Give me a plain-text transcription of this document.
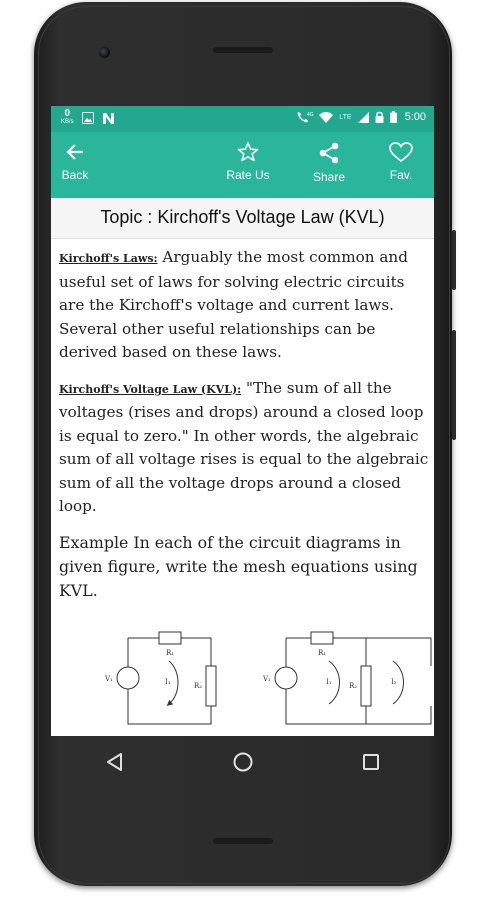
0
KB/s
4G	LTE	5:00
Back	Rate Us	Share	Fav.
Topic : Kirchoff's Voltage Law (KVL)

Kirchoff's Laws: Arguably the most common and useful set of laws for solving electric circuits are the Kirchoff's voltage and current laws. Several other useful relationships can be derived based on these laws.

Kirchoff's Voltage Law (KVL): "The sum of all the voltages (rises and drops) around a closed loop is equal to zero." In other words, the algebraic sum of all voltage rises is equal to the algebraic sum of all the voltage drops around a closed loop.

Example In each of the circuit diagrams in given figure, write the mesh equations using KVL.

R₁
R₂
V₁	I₁
R₁
R₂
V₁	I₁	I₂
